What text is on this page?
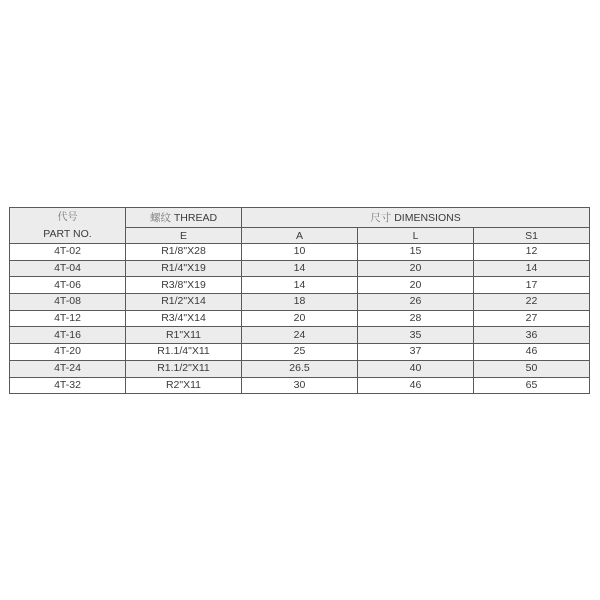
代号
PART NO.	螺纹 THREAD	尺寸 DIMENSIONS		
	E	A	L	S1
4T-02	R1/8"X28	10	15	12
4T-04	R1/4"X19	14	20	14
4T-06	R3/8"X19	14	20	17
4T-08	R1/2"X14	18	26	22
4T-12	R3/4"X14	20	28	27
4T-16	R1"X11	24	35	36
4T-20	R1.1/4"X11	25	37	46
4T-24	R1.1/2"X11	26.5	40	50
4T-32	R2"X11	30	46	65
